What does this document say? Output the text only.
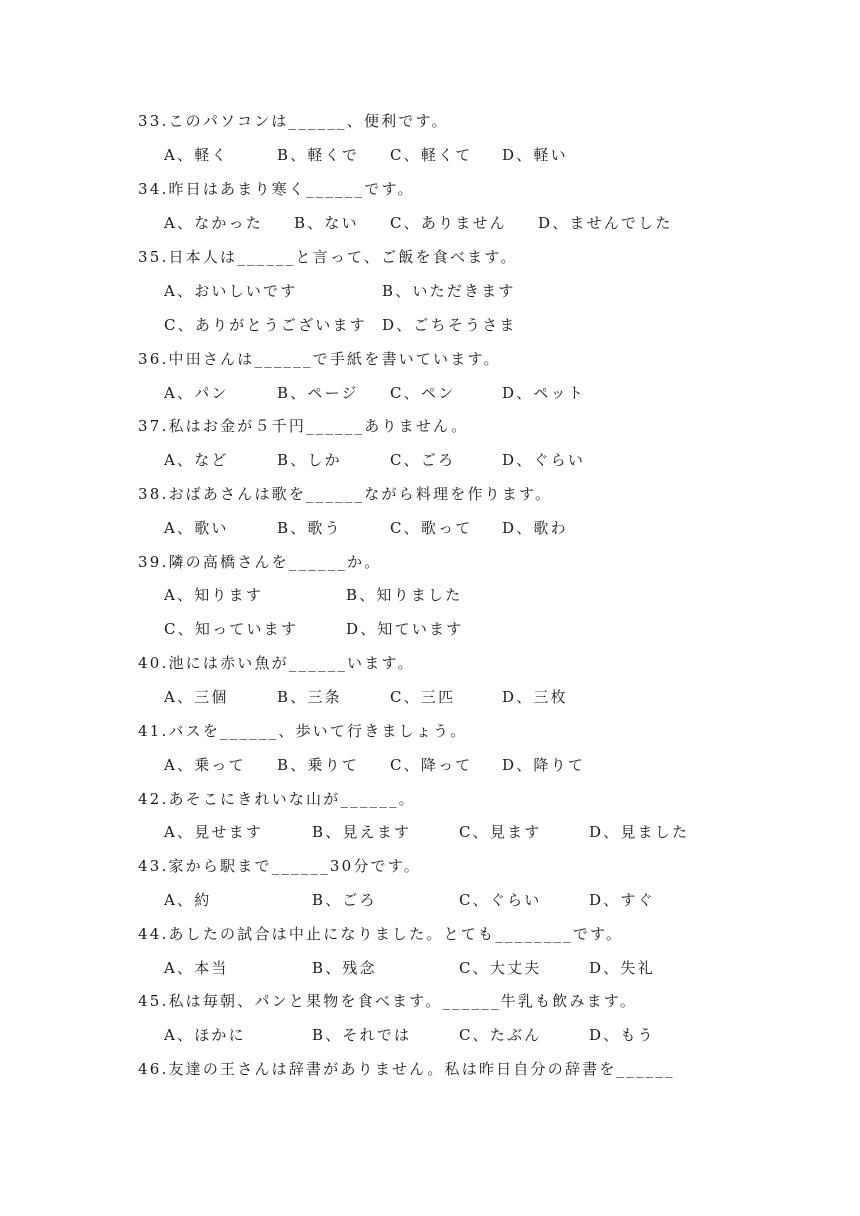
33.このパソコンは______、便利です。
A、軽く	B、軽くで C、軽くて D、軽い
34.昨日はあまり寒く______です。
A、なかった B、ない C、ありません D、ませんでした
35.日本人は______と言って、ご飯を食べます。
A、おいしいです	B、いただきます
C、ありがとうございます D、ごちそうさま
36.中田さんは______で手紙を書いています。
A、パン	B、ページ C、ペン	D、ペット
37.私はお金が５千円______ありません。
A、など	B、しか	C、ごろ	D、ぐらい
38.おばあさんは歌を______ながら料理を作ります。
A、歌い	B、歌う	C、歌って D、歌わ
39.隣の高橋さんを______か。
A、知ります	B、知りました
C、知っています	D、知ています
40.池には赤い魚が______います。
A、三個	B、三条	C、三匹	D、三枚
41.バスを______、歩いて行きましょう。
A、乗って B、乗りて C、降って D、降りて
42.あそこにきれいな山が______。
A、見せます	B、見えます	C、見ます	D、見ました
43.家から駅まで______30分です。
A、約	B、ごろ	C、ぐらい	D、すぐ
44.あしたの試合は中止になりました。とても________です。
A、本当	B、残念	C、大丈夫	D、失礼
45.私は毎朝、パンと果物を食べます。______牛乳も飲みます。
A、ほかに	B、それでは	C、たぶん	D、もう
46.友達の王さんは辞書がありません。私は昨日自分の辞書を______
